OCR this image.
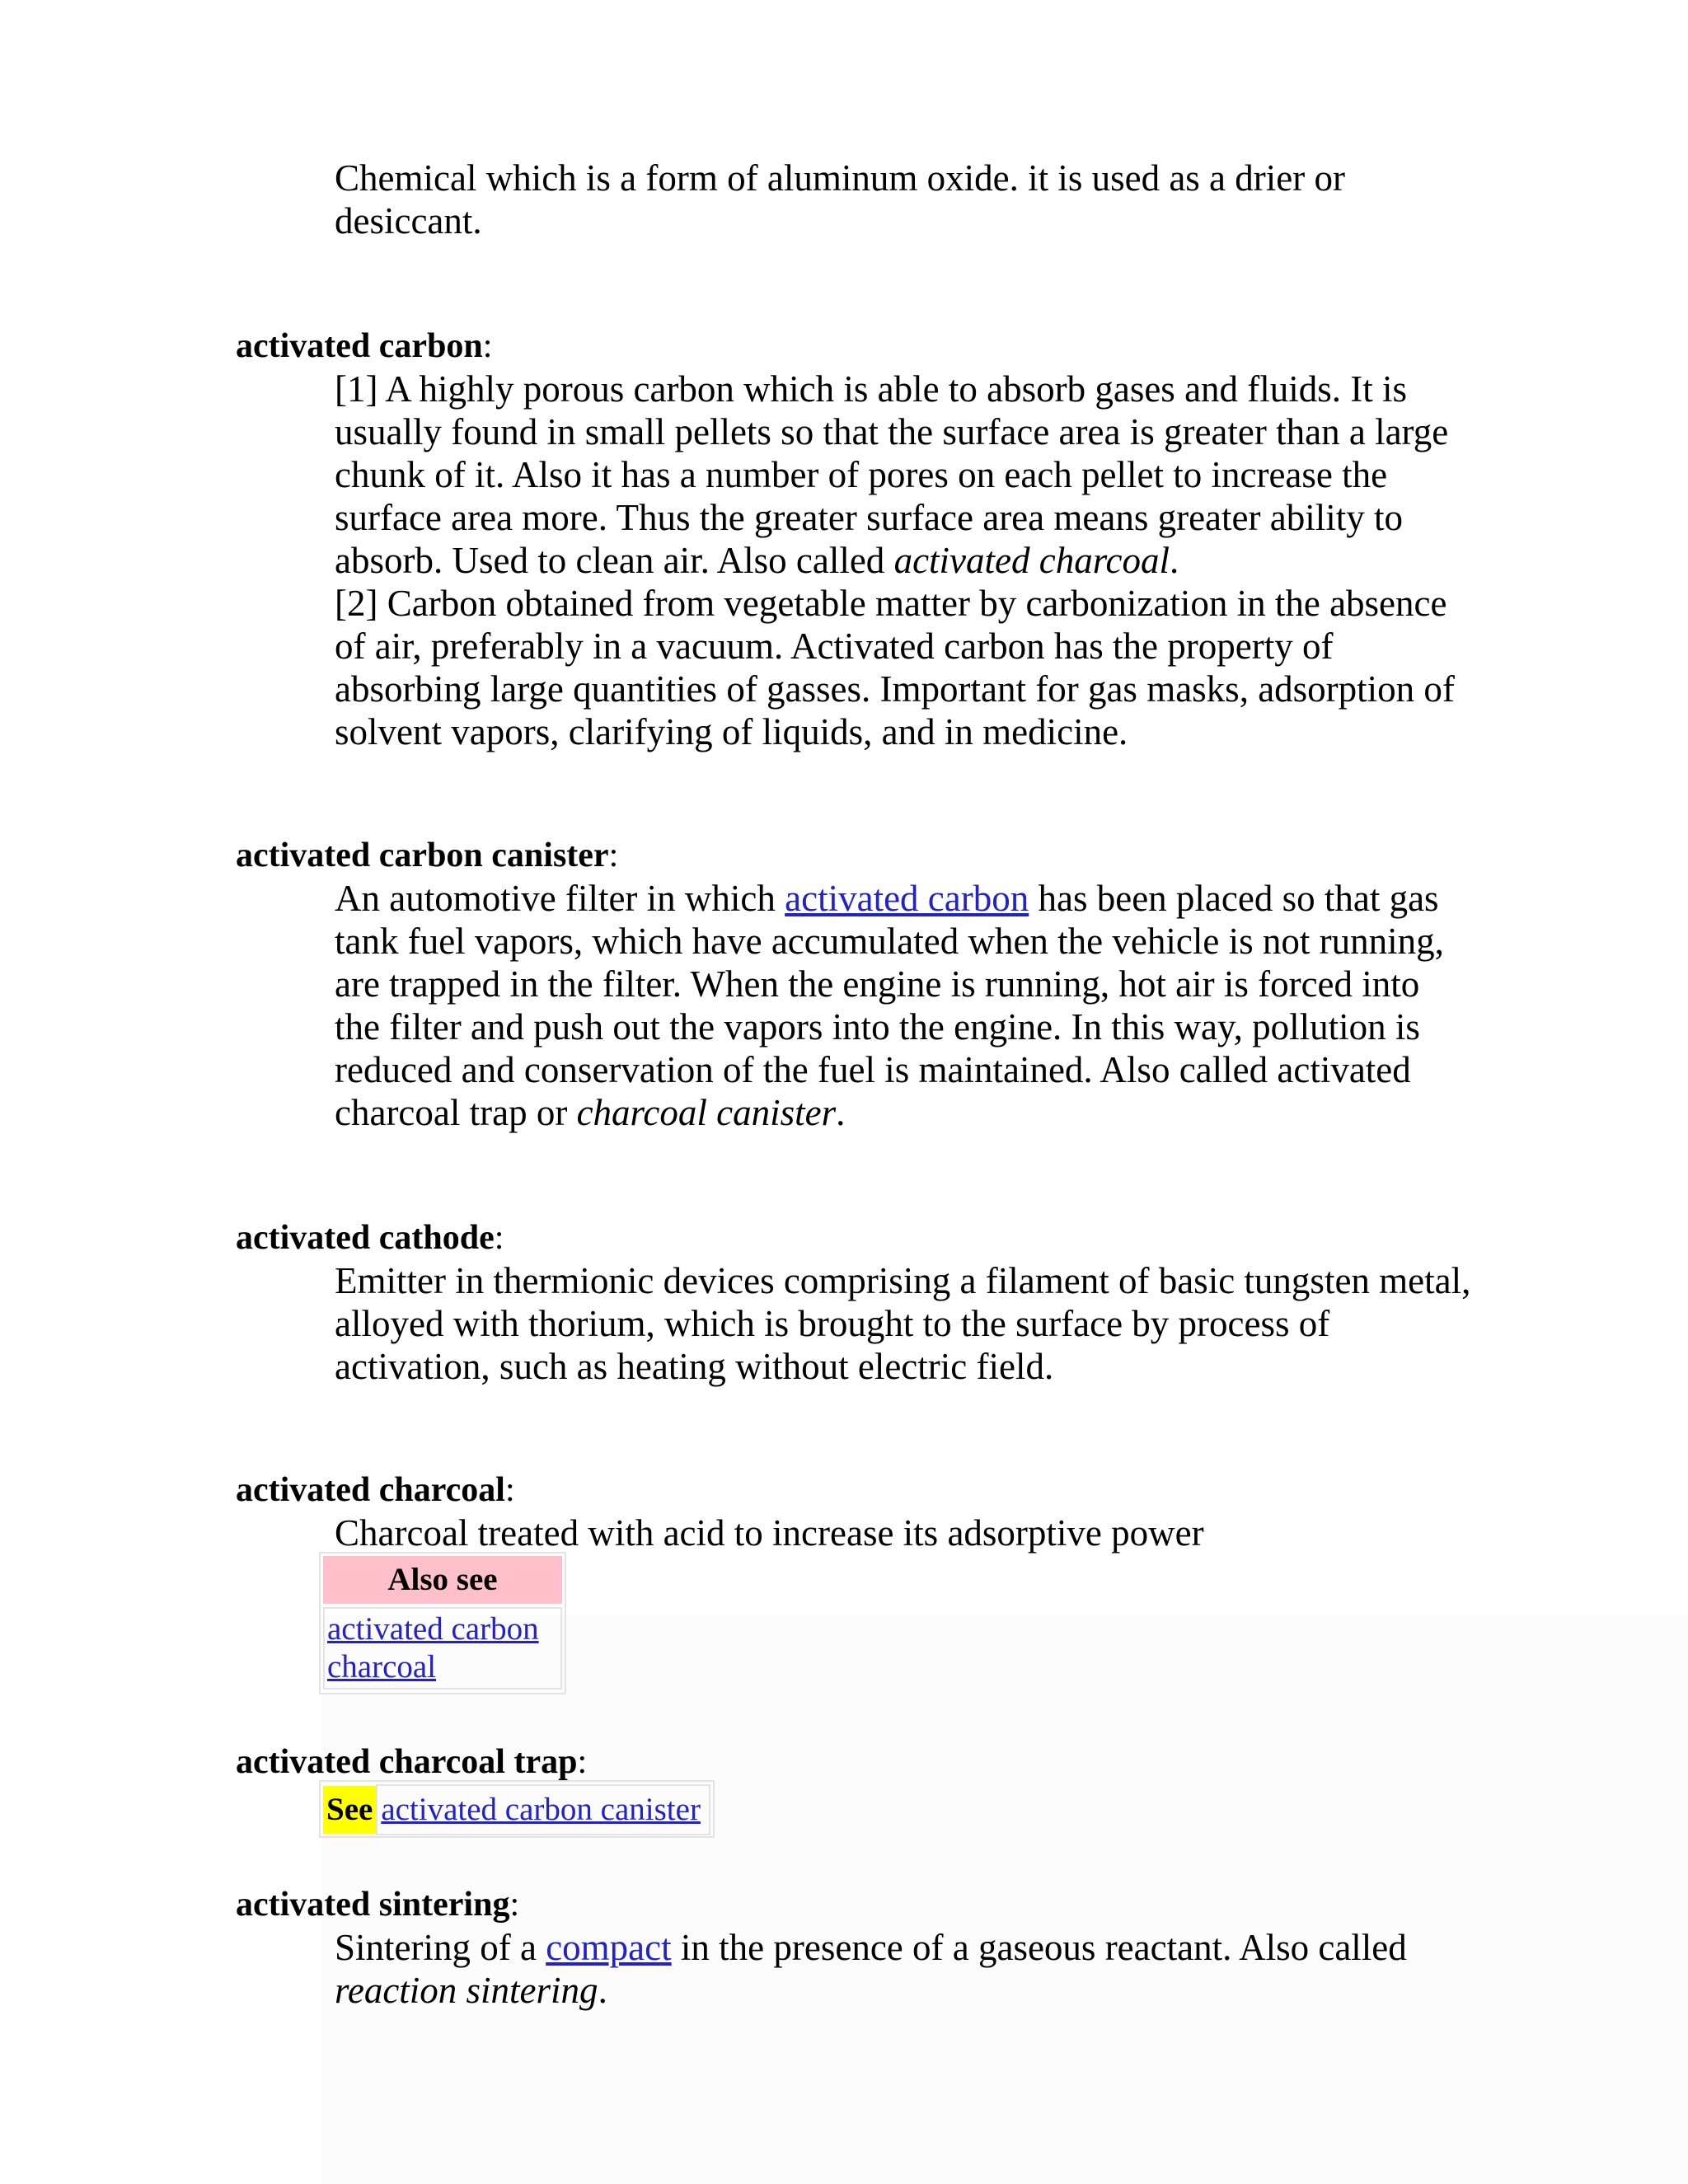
Chemical which is a form of aluminum oxide. it is used as a drier or desiccant.

activated carbon:

[1] A highly porous carbon which is able to absorb gases and fluids. It is usually found in small pellets so that the surface area is greater than a large chunk of it. Also it has a number of pores on each pellet to increase the surface area more. Thus the greater surface area means greater ability to absorb. Used to clean air. Also called activated charcoal.
[2] Carbon obtained from vegetable matter by carbonization in the absence of air, preferably in a vacuum. Activated carbon has the property of absorbing large quantities of gasses. Important for gas masks, adsorption of solvent vapors, clarifying of liquids, and in medicine.

activated carbon canister:

An automotive filter in which activated carbon has been placed so that gas tank fuel vapors, which have accumulated when the vehicle is not running, are trapped in the filter. When the engine is running, hot air is forced into the filter and push out the vapors into the engine. In this way, pollution is reduced and conservation of the fuel is maintained. Also called activated charcoal trap or charcoal canister.

activated cathode:

Emitter in thermionic devices comprising a filament of basic tungsten metal, alloyed with thorium, which is brought to the surface by process of activation, such as heating without electric field.

activated charcoal:

Charcoal treated with acid to increase its adsorptive power

Also see
activated carbon
charcoal

activated charcoal trap:

See activated carbon canister

activated sintering:

Sintering of a compact in the presence of a gaseous reactant. Also called
reaction sintering.
